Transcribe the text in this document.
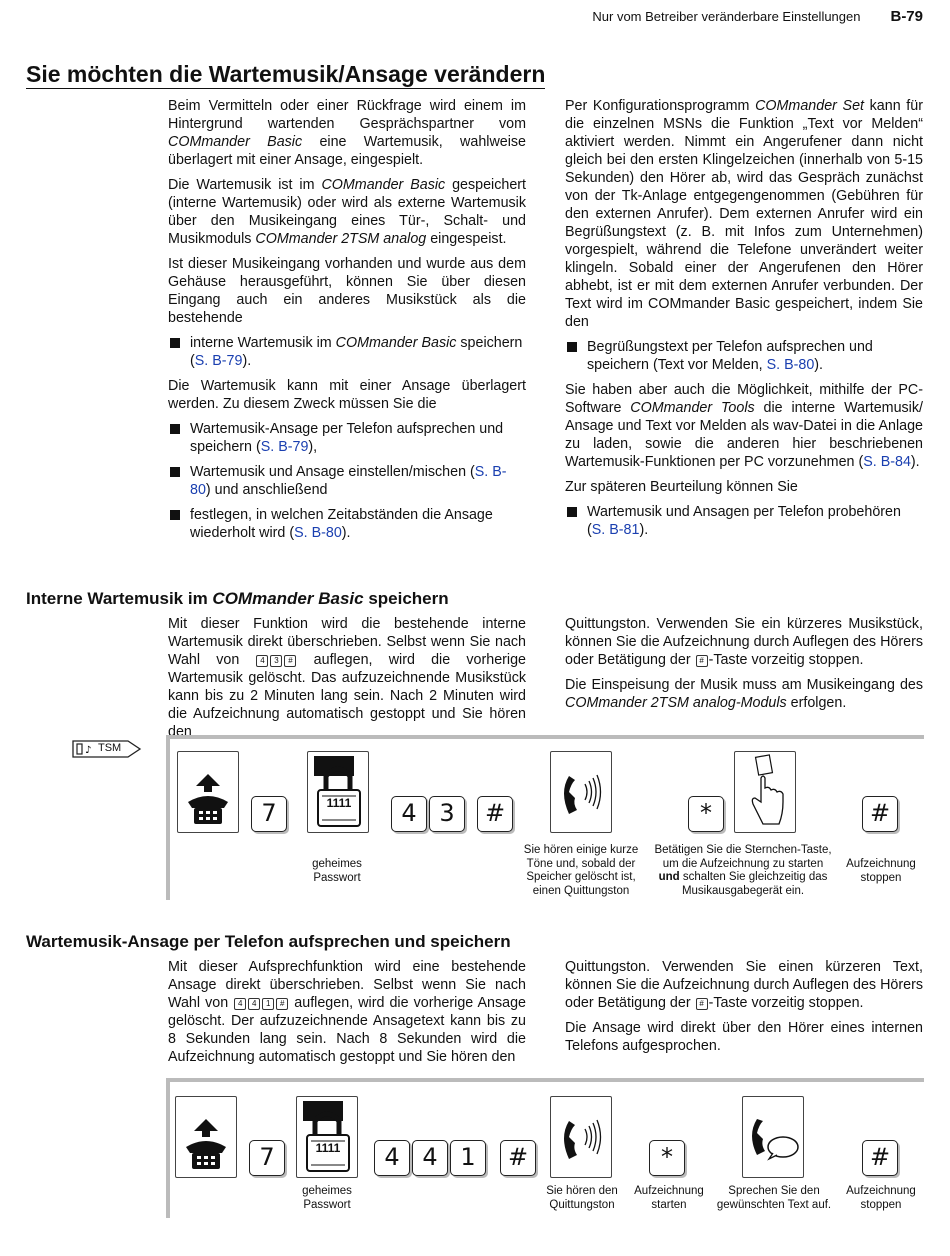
Nur vom Betreiber veränderbare Einstellungen B-79
Sie möchten die Wartemusik/Ansage verändern

Beim Vermitteln oder einer Rückfrage wird einem im Hintergrund wartenden Gesprächspartner vom COMmander Basic eine Wartemusik, wahlweise überlagert mit einer Ansage, eingespielt.

Die Wartemusik ist im COMmander Basic gespeichert (interne Wartemusik) oder wird als externe Wartemusik über den Musikeingang eines Tür-, Schalt- und Musikmoduls COMmander 2TSM analog eingespeist.

Ist dieser Musikeingang vorhanden und wurde aus dem Gehäuse herausgeführt, können Sie über diesen Eingang auch ein anderes Musikstück als die bestehende

interne Wartemusik im COMmander Basic speichern (S. B-79).

Die Wartemusik kann mit einer Ansage überlagert werden. Zu diesem Zweck müssen Sie die

Wartemusik-Ansage per Telefon aufsprechen und speichern (S. B-79),
Wartemusik und Ansage einstellen/mischen (S. B-80) und anschließend
festlegen, in welchen Zeitabständen die Ansage wiederholt wird (S. B-80).

Per Konfigurationsprogramm COMmander Set kann für die einzelnen MSNs die Funktion „Text vor Melden“ aktiviert werden. Nimmt ein Angerufener dann nicht gleich bei den ersten Klingelzeichen (innerhalb von 5-15 Sekunden) den Hörer ab, wird das Gespräch zunächst von der Tk-Anlage entgegengenommen (Gebühren für den externen Anrufer). Dem externen Anrufer wird ein Begrüßungstext (z. B. mit Infos zum Unternehmen) vorgespielt, während die Telefone unverändert weiter klingeln. Sobald einer der Angerufenen den Hörer abhebt, ist er mit dem externen Anrufer verbunden. Der Text wird im COMmander Basic gespeichert, indem Sie den

Begrüßungstext per Telefon aufsprechen und speichern (Text vor Melden, S. B-80).

Sie haben aber auch die Möglichkeit, mithilfe der PC-Software COMmander Tools die interne Wartemusik/ Ansage und Text vor Melden als wav-Datei in die Anlage zu laden, sowie die anderen hier beschriebenen Wartemusik-Funktionen per PC vorzunehmen (S. B-84).

Zur späteren Beurteilung können Sie

Wartemusik und Ansagen per Telefon probehören (S. B-81).
Interne Wartemusik im COMmander Basic speichern

Mit dieser Funktion wird die bestehende interne Wartemusik direkt überschrieben. Selbst wenn Sie nach Wahl von 4 3 # auflegen, wird die vorherige Wartemusik gelöscht. Das aufzuzeichnende Musikstück kann bis zu 2 Minuten lang sein. Nach 2 Minuten wird die Aufzeichnung automatisch gestoppt und Sie hören den

Quittungston. Verwenden Sie ein kürzeres Musikstück, können Sie die Aufzeichnung durch Auflegen des Hörers oder Betätigung der # -Taste vorzeitig stoppen.

Die Einspeisung der Musik muss am Musikeingang des COMmander 2TSM analog-Moduls erfolgen.

♪ TSM
7	1111	4 3	#	*	#
geheimes
Passwort
Sie hören einige kurze
Töne und, sobald der
Speicher gelöscht ist,
einen Quittungston
Betätigen Sie die Sternchen-Taste,
um die Aufzeichnung zu starten
und schalten Sie gleichzeitig das
Musikausgabegerät ein.
Aufzeichnung
stoppen
Wartemusik-Ansage per Telefon aufsprechen und speichern

Mit dieser Aufsprechfunktion wird eine bestehende Ansage direkt überschrieben. Selbst wenn Sie nach Wahl von 4 4 1 # auflegen, wird die vorherige Ansage gelöscht. Der aufzuzeichnende Ansagetext kann bis zu 8 Sekunden lang sein. Nach 8 Sekunden wird die Aufzeichnung automatisch gestoppt und Sie hören den

Quittungston. Verwenden Sie einen kürzeren Text, können Sie die Aufzeichnung durch Auflegen des Hörers oder Betätigung der # -Taste vorzeitig stoppen.

Die Ansage wird direkt über den Hörer eines internen Telefons aufgesprochen.

7	1111	4 4 1	#	*	#
geheimes
Passwort
Sie hören den
Quittungston
Aufzeichnung
starten
Sprechen Sie den
gewünschten Text auf.
Aufzeichnung
stoppen
